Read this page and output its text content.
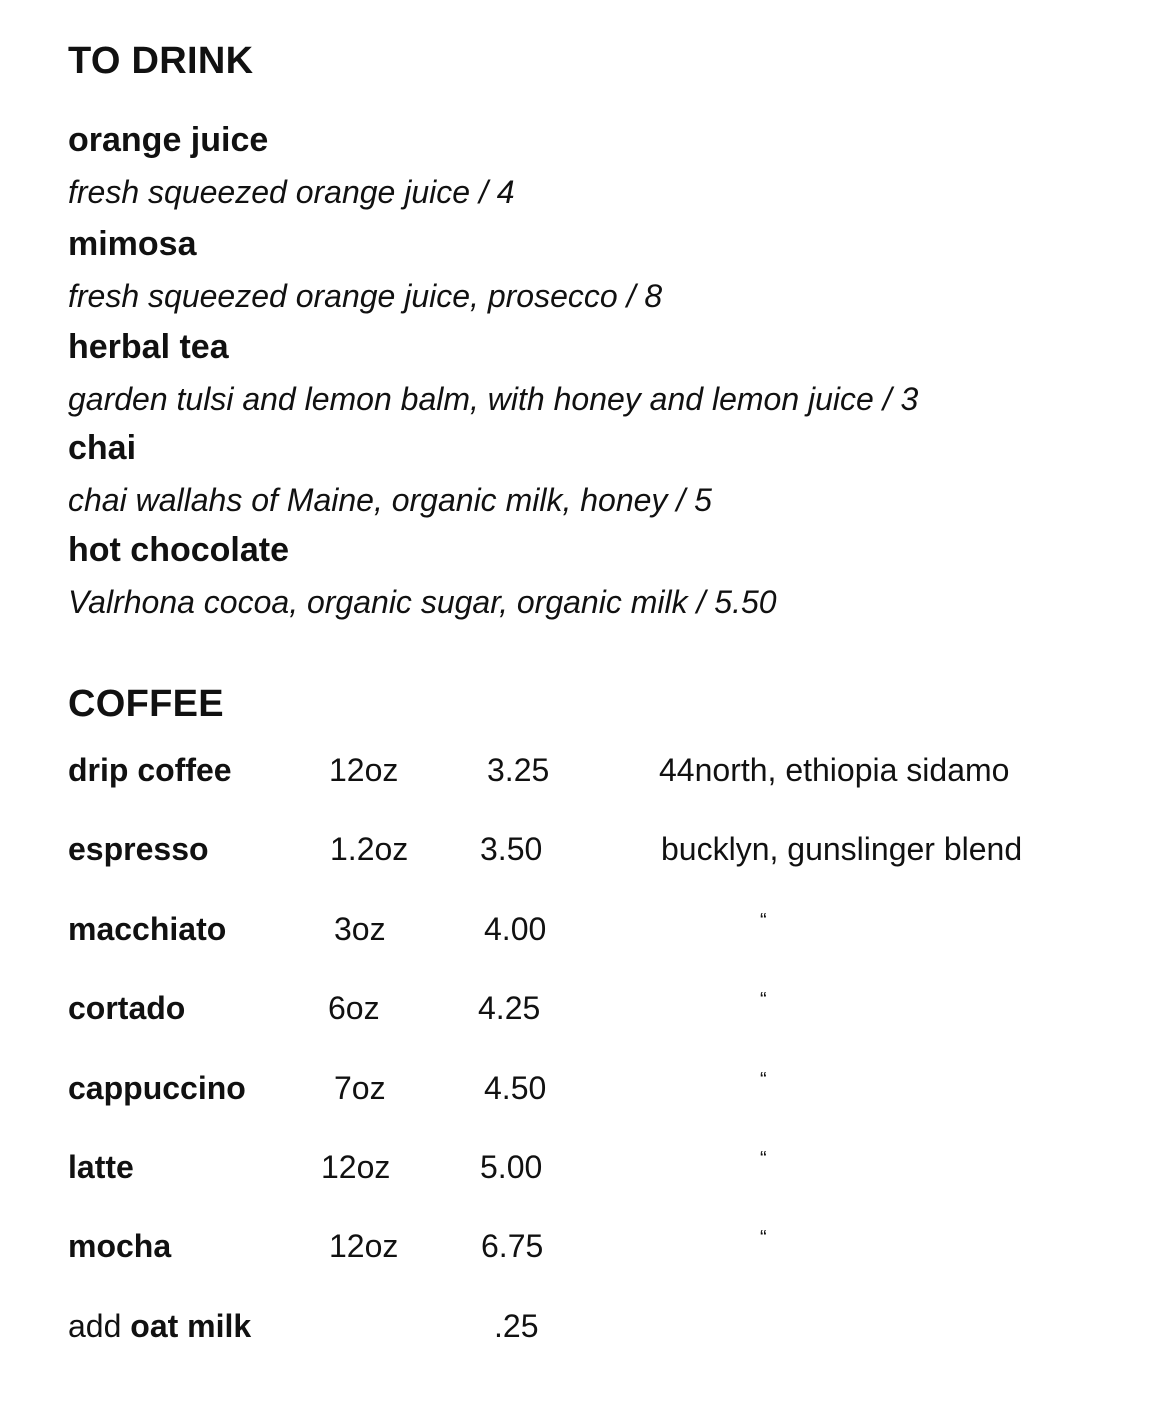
TO DRINK
orange juice
fresh squeezed orange juice / 4
mimosa
fresh squeezed orange juice, prosecco / 8
herbal tea
garden tulsi and lemon balm, with honey and lemon juice / 3
chai
chai wallahs of Maine, organic milk, honey / 5
hot chocolate
Valrhona cocoa, organic sugar, organic milk / 5.50
COFFEE
drip coffee	12oz	3.25	44north, ethiopia sidamo
espresso	1.2oz 3.50	bucklyn, gunslinger blend
macchiato	3oz	4.00	“
cortado	6oz	4.25	“
cappuccino	7oz	4.50	“
latte	12oz	5.00	“
mocha	12oz	6.75	“
add oat milk	.25
